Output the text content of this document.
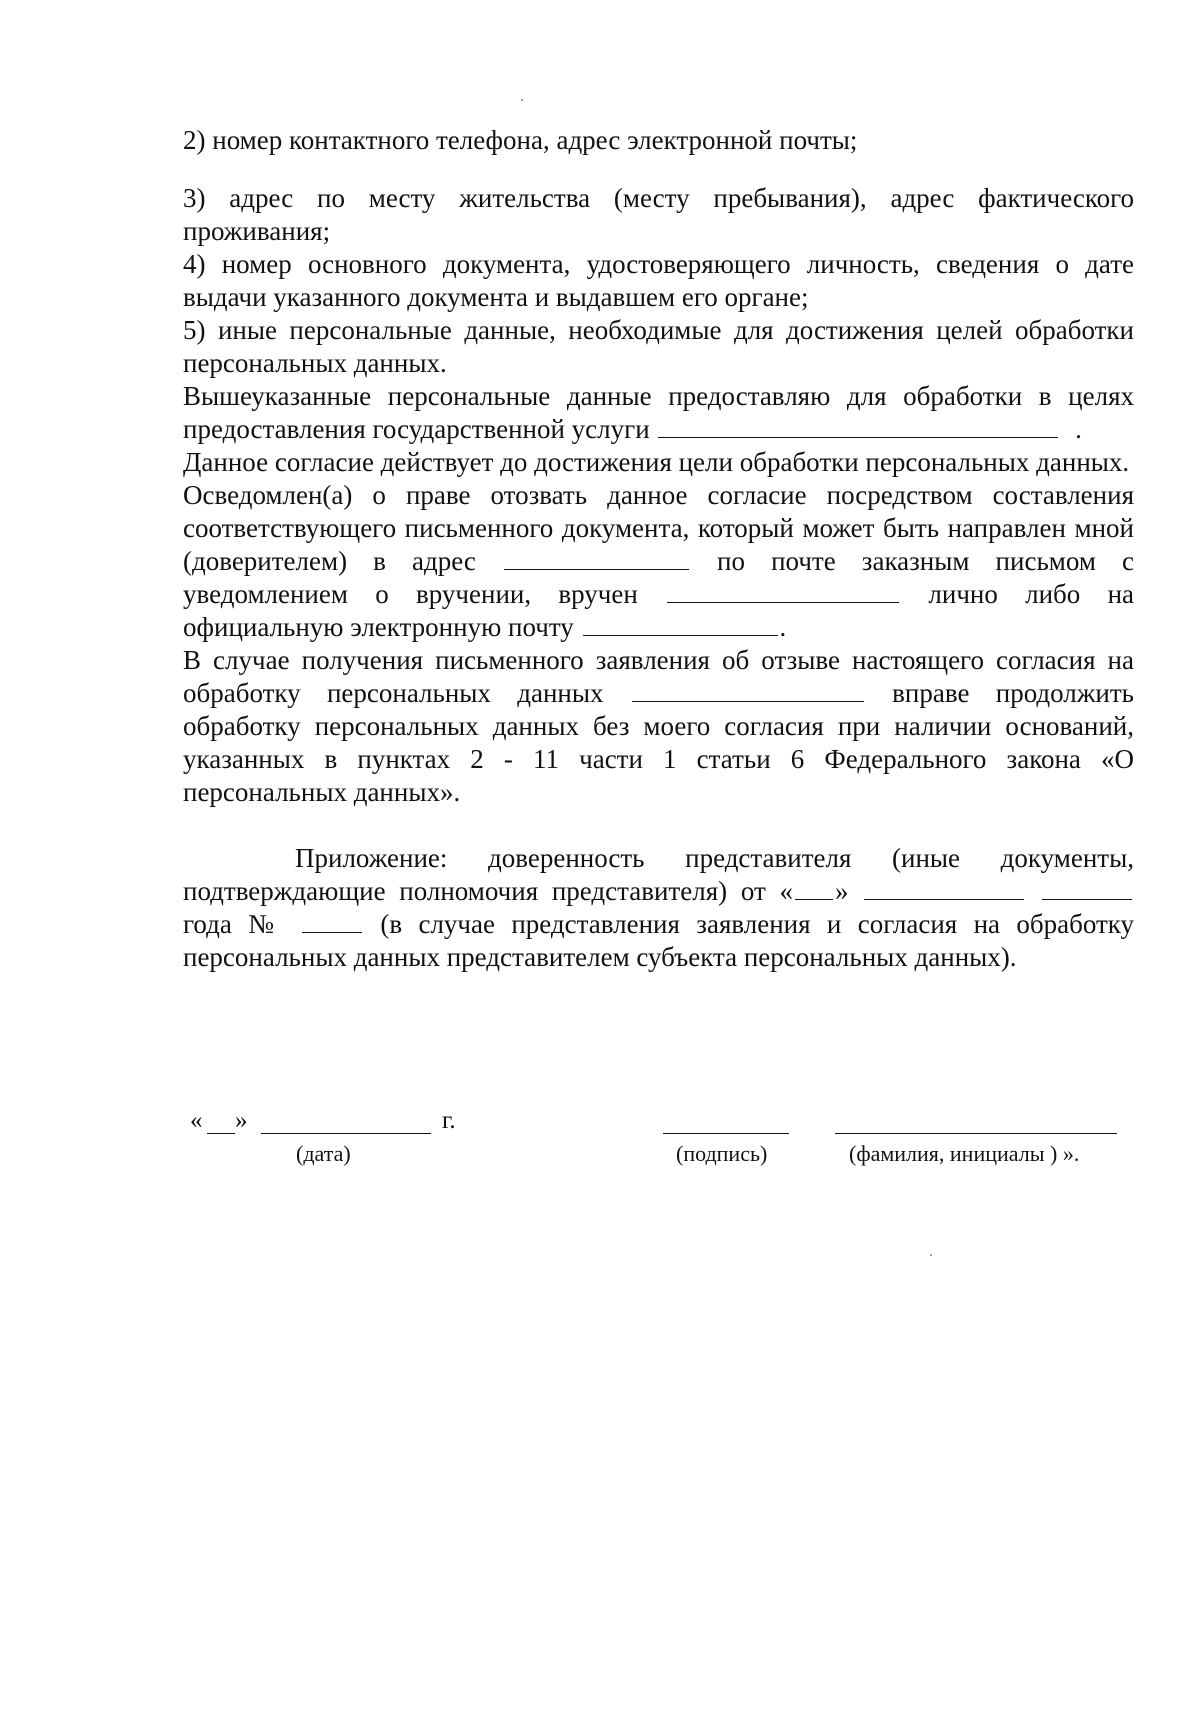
2) номер контактного телефона, адрес электронной почты;

3) адрес по месту жительства (месту пребывания), адрес фактического проживания;

4) номер основного документа, удостоверяющего личность, сведения о дате выдачи указанного документа и выдавшем его органе;

5) иные персональные данные, необходимые для достижения целей обработки персональных данных.

Вышеуказанные персональные данные предоставляю для обработки в целях предоставления государственной услуги	.

Данное согласие действует до достижения цели обработки персональных данных.

Осведомлен(а) о праве отозвать данное согласие посредством составления соответствующего письменного документа, который может быть направлен мной (доверителем) в адрес	по почте заказным письмом с уведомлением о вручении, вручен	лично либо на официальную электронную почту	.

В случае получения письменного заявления об отзыве настоящего согласия на обработку персональных данных	вправе продолжить обработку персональных данных без моего согласия при наличии оснований, указанных в пунктах 2 - 11 части 1 статьи 6 Федерального закона «О персональных данных».

Приложение: доверенность представителя (иные документы, подтверждающие полномочия представителя) от « »   года №	(в случае представления заявления и согласия на обработку персональных данных представителем субъекта персональных данных).

« »	г.
(дата)	(подпись)	(фамилия, инициалы ) ».
